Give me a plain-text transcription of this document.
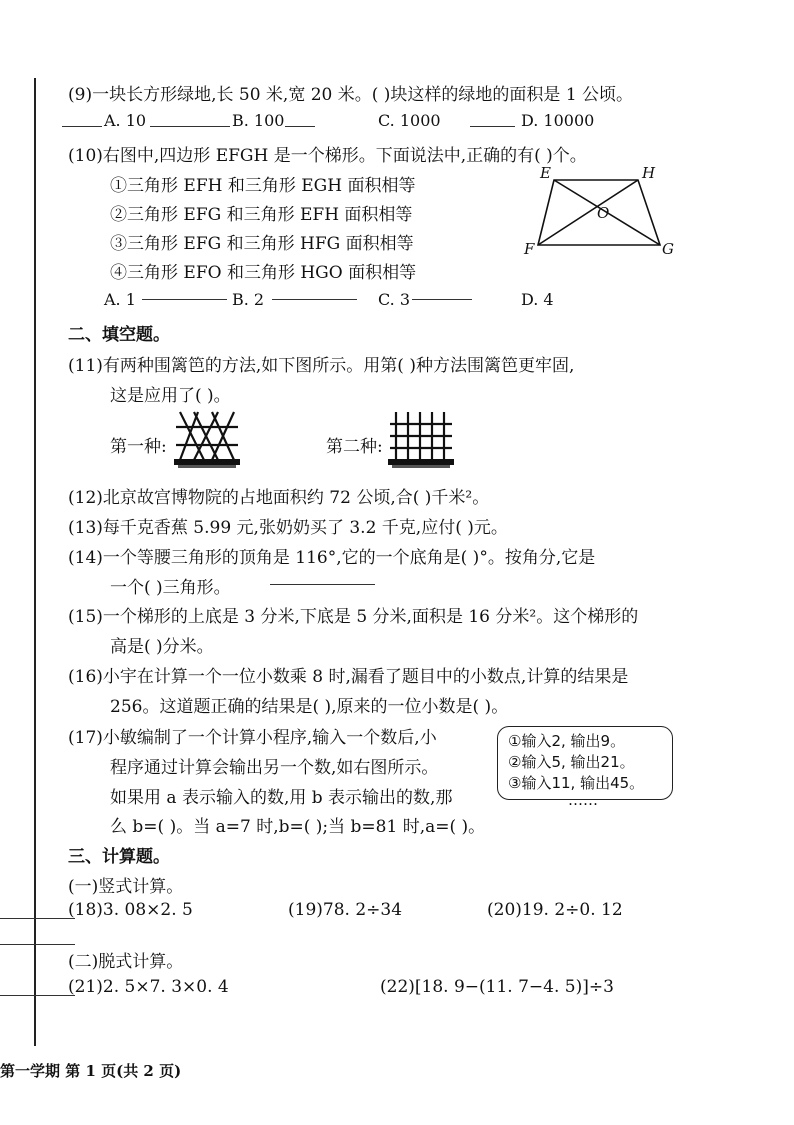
(9)一块长方形绿地,长 50 米,宽 20 米。( )块这样的绿地的面积是 1 公顷。
A. 10	B. 100	C. 1000	D. 10000
(10)右图中,四边形 EFGH 是一个梯形。下面说法中,正确的有( )个。
①三角形 EFH 和三角形 EGH 面积相等
②三角形 EFG 和三角形 EFH 面积相等
③三角形 EFG 和三角形 HFG 面积相等
④三角形 EFO 和三角形 HGO 面积相等
E	H
O
F	G
A. 1	B. 2	C. 3	D. 4
二、填空题。
(11)有两种围篱笆的方法,如下图所示。用第( )种方法围篱笆更牢固,
这是应用了( )。
第一种:	第二种:
(12)北京故宫博物院的占地面积约 72 公顷,合( )千米²。
(13)每千克香蕉 5.99 元,张奶奶买了 3.2 千克,应付( )元。
(14)一个等腰三角形的顶角是 116°,它的一个底角是( )°。按角分,它是
一个( )三角形。
(15)一个梯形的上底是 3 分米,下底是 5 分米,面积是 16 分米²。这个梯形的
高是( )分米。
(16)小宇在计算一个一位小数乘 8 时,漏看了题目中的小数点,计算的结果是
256。这道题正确的结果是( ),原来的一位小数是( )。
(17)小敏编制了一个计算小程序,输入一个数后,小
程序通过计算会输出另一个数,如右图所示。
如果用 a 表示输入的数,用 b 表示输出的数,那
么 b=( )。当 a=7 时,b=( );当 b=81 时,a=( )。
①输入2, 输出9。
②输入5, 输出21。
③输入11, 输出45。
……
三、计算题。
(一)竖式计算。
(18)3. 08×2. 5	(19)78. 2÷34	(20)19. 2÷0. 12
(二)脱式计算。
(21)2. 5×7. 3×0. 4	(22)[18. 9−(11. 7−4. 5)]÷3
第一学期 第 1 页(共 2 页)
